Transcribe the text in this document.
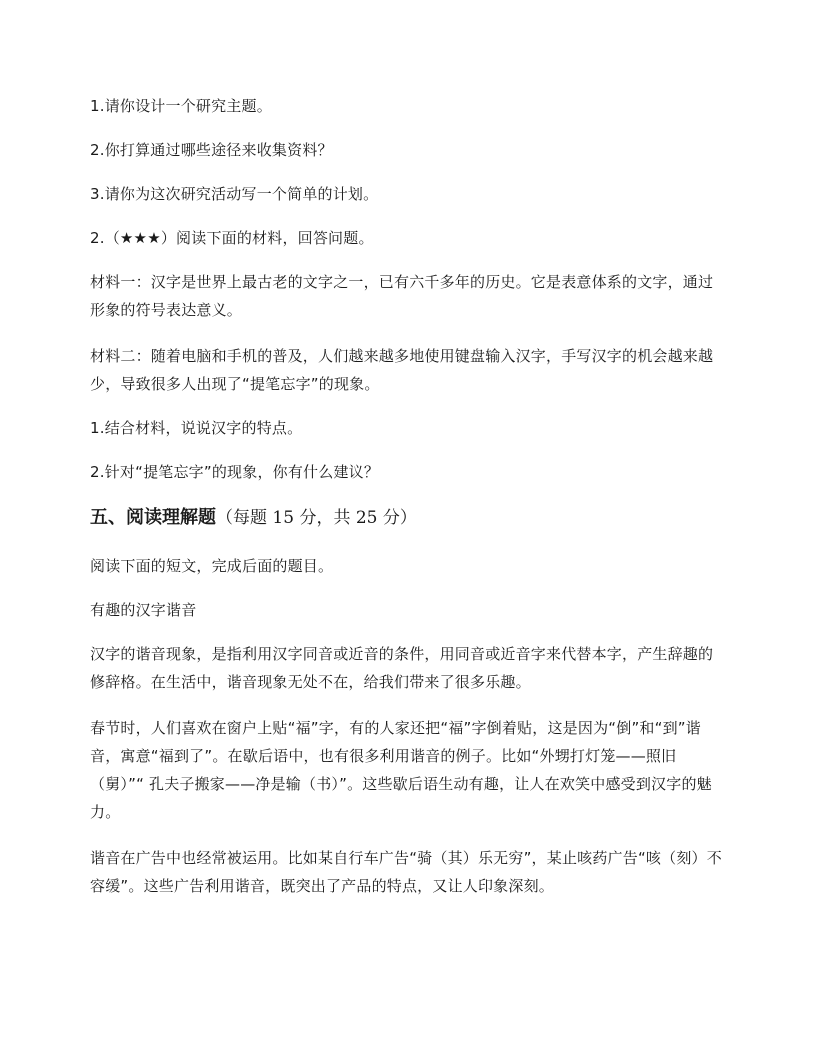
1.请你设计一个研究主题。

2.你打算通过哪些途径来收集资料？

3.请你为这次研究活动写一个简单的计划。

2.（★★★）阅读下面的材料，回答问题。

材料一：汉字是世界上最古老的文字之一，已有六千多年的历史。它是表意体系的文字，通过形象的符号表达意义。

材料二：随着电脑和手机的普及，人们越来越多地使用键盘输入汉字，手写汉字的机会越来越少，导致很多人出现了“提笔忘字”的现象。

1.结合材料，说说汉字的特点。

2.针对“提笔忘字”的现象，你有什么建议？

五、阅读理解题（每题 15 分，共 25 分）

阅读下面的短文，完成后面的题目。

有趣的汉字谐音

汉字的谐音现象，是指利用汉字同音或近音的条件，用同音或近音字来代替本字，产生辞趣的修辞格。在生活中，谐音现象无处不在，给我们带来了很多乐趣。

春节时，人们喜欢在窗户上贴“福”字，有的人家还把“福”字倒着贴，这是因为“倒”和“到”谐音，寓意“福到了”。在歇后语中，也有很多利用谐音的例子。比如“外甥打灯笼——照旧（舅）”“ 孔夫子搬家——净是输（书）”。这些歇后语生动有趣，让人在欢笑中感受到汉字的魅力。

谐音在广告中也经常被运用。比如某自行车广告“骑（其）乐无穷”，某止咳药广告“咳（刻）不容缓”。这些广告利用谐音，既突出了产品的特点，又让人印象深刻。
